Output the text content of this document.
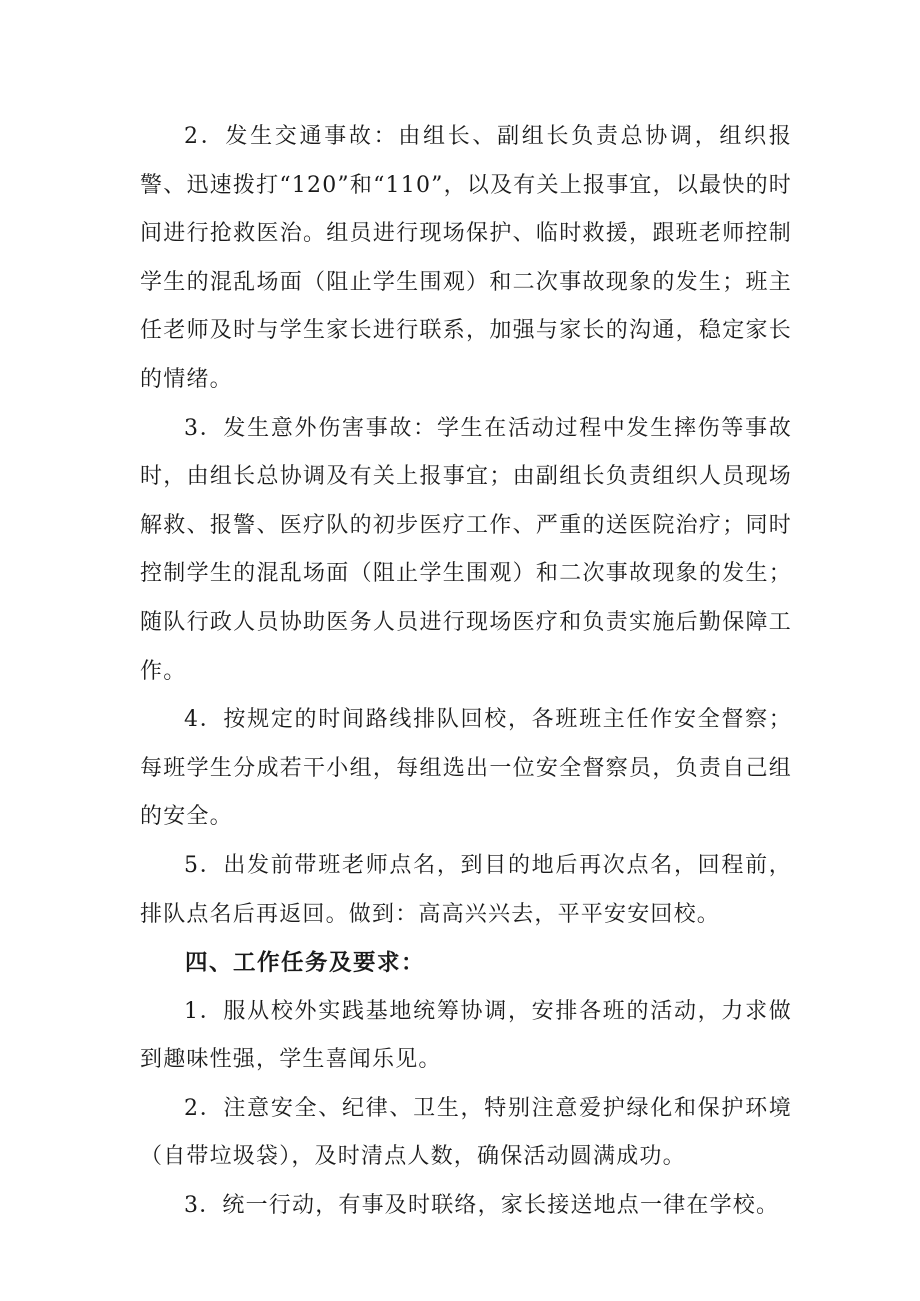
2．发生交通事故：由组长、副组长负责总协调，组织报警、迅速拨打“120”和“110”，以及有关上报事宜，以最快的时间进行抢救医治。组员进行现场保护、临时救援，跟班老师控制学生的混乱场面（阻止学生围观）和二次事故现象的发生；班主任老师及时与学生家长进行联系，加强与家长的沟通，稳定家长的情绪。

3．发生意外伤害事故：学生在活动过程中发生摔伤等事故时，由组长总协调及有关上报事宜；由副组长负责组织人员现场解救、报警、医疗队的初步医疗工作、严重的送医院治疗；同时控制学生的混乱场面（阻止学生围观）和二次事故现象的发生；随队行政人员协助医务人员进行现场医疗和负责实施后勤保障工作。

4．按规定的时间路线排队回校，各班班主任作安全督察；每班学生分成若干小组，每组选出一位安全督察员，负责自己组的安全。

5．出发前带班老师点名，到目的地后再次点名，回程前，排队点名后再返回。做到：高高兴兴去，平平安安回校。

四、工作任务及要求：

1．服从校外实践基地统筹协调，安排各班的活动，力求做到趣味性强，学生喜闻乐见。

2．注意安全、纪律、卫生，特别注意爱护绿化和保护环境（自带垃圾袋），及时清点人数，确保活动圆满成功。

3．统一行动，有事及时联络，家长接送地点一律在学校。
